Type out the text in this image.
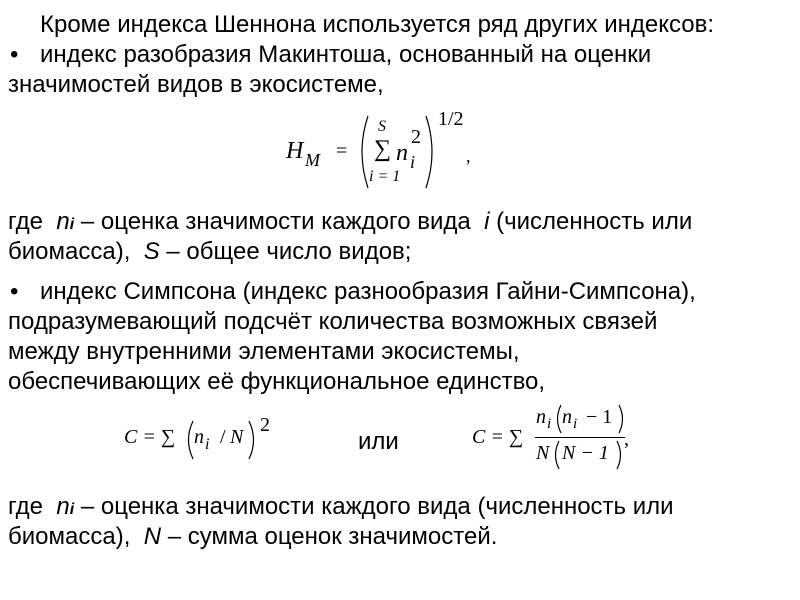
Кроме индекса Шеннона используется ряд других индексов:
• индекс разобразия Макинтоша, основанный на оценки
значимостей видов в экосистеме,
H M =
S
∑ n
2
i
i = 1
1/2
,
где ni – оценка значимости каждого вида i (численность или
биомасса), S – общее число видов;
• индекс Симпсона (индекс разнообразия Гайни-Симпсона),
подразумевающий подсчёт количества возможных связей
между внутренними элементами экосистемы,
обеспечивающих её функциональное единство,
C = ∑ n i / N
2
или	C = ∑
n i n i − 1
N N − 1
,
где ni – оценка значимости каждого вида (численность или
биомасса), N – сумма оценок значимостей.
